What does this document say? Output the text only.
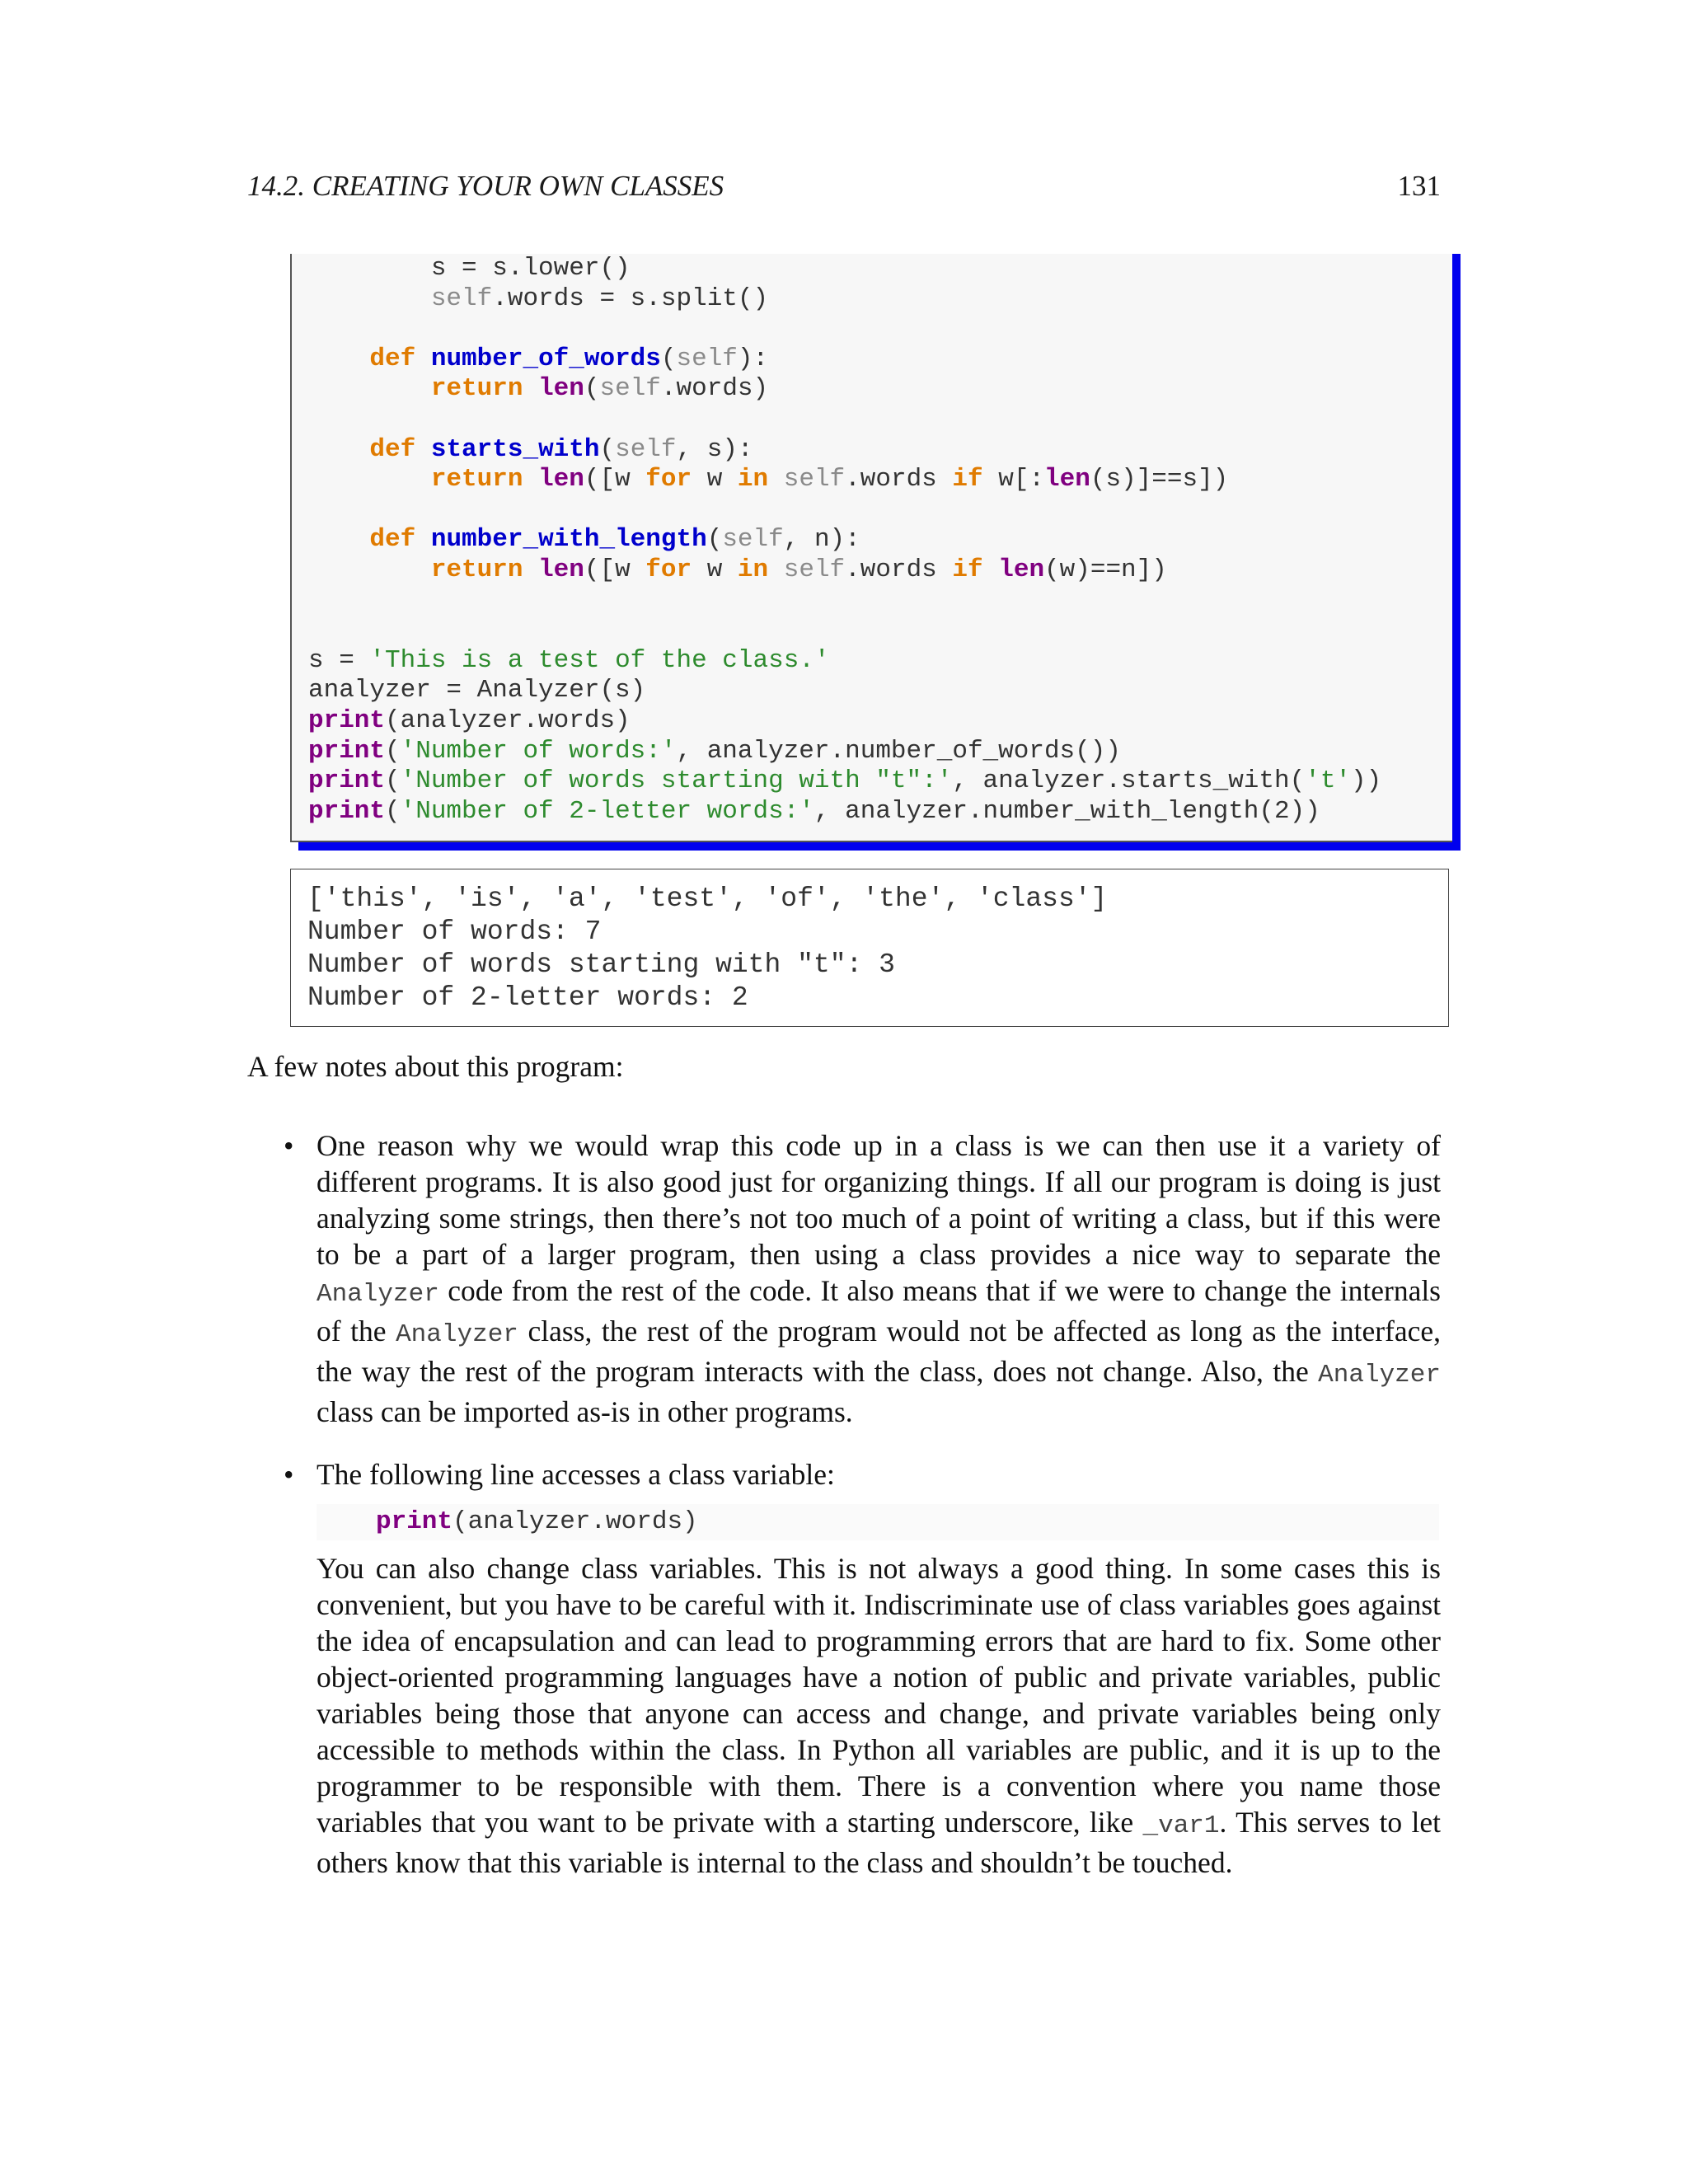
14.2. CREATING YOUR OWN CLASSES	131
s = s.lower()
self.words = s.split()

def number_of_words(self):
return len(self.words)

def starts_with(self, s):
return len([w for w in self.words if w[:len(s)]==s])

def number_with_length(self, n):
return len([w for w in self.words if len(w)==n])

s = 'This is a test of the class.'
analyzer = Analyzer(s)
print(analyzer.words)
print('Number of words:', analyzer.number_of_words())
print('Number of words starting with "t":', analyzer.starts_with('t'))
print('Number of 2-letter words:', analyzer.number_with_length(2))

['this', 'is', 'a', 'test', 'of', 'the', 'class']
Number of words: 7
Number of words starting with "t": 3
Number of 2-letter words: 2
A few notes about this program:
• One reason why we would wrap this code up in a class is we can then use it a variety of different programs. It is also good just for organizing things. If all our program is doing is just analyzing some strings, then there’s not too much of a point of writing a class, but if this were to be a part of a larger program, then using a class provides a nice way to separate the Analyzer code from the rest of the code. It also means that if we were to change the internals of the Analyzer class, the rest of the program would not be affected as long as the interface, the way the rest of the program interacts with the class, does not change. Also, the Analyzer class can be imported as-is in other programs.
• The following line accesses a class variable:
print(analyzer.words)
You can also change class variables. This is not always a good thing. In some cases this is convenient, but you have to be careful with it. Indiscriminate use of class variables goes against the idea of encapsulation and can lead to programming errors that are hard to fix. Some other object-oriented programming languages have a notion of public and private variables, public variables being those that anyone can access and change, and private variables being only accessible to methods within the class. In Python all variables are public, and it is up to the programmer to be responsible with them. There is a convention where you name those variables that you want to be private with a starting underscore, like _var1. This serves to let others know that this variable is internal to the class and shouldn’t be touched.
